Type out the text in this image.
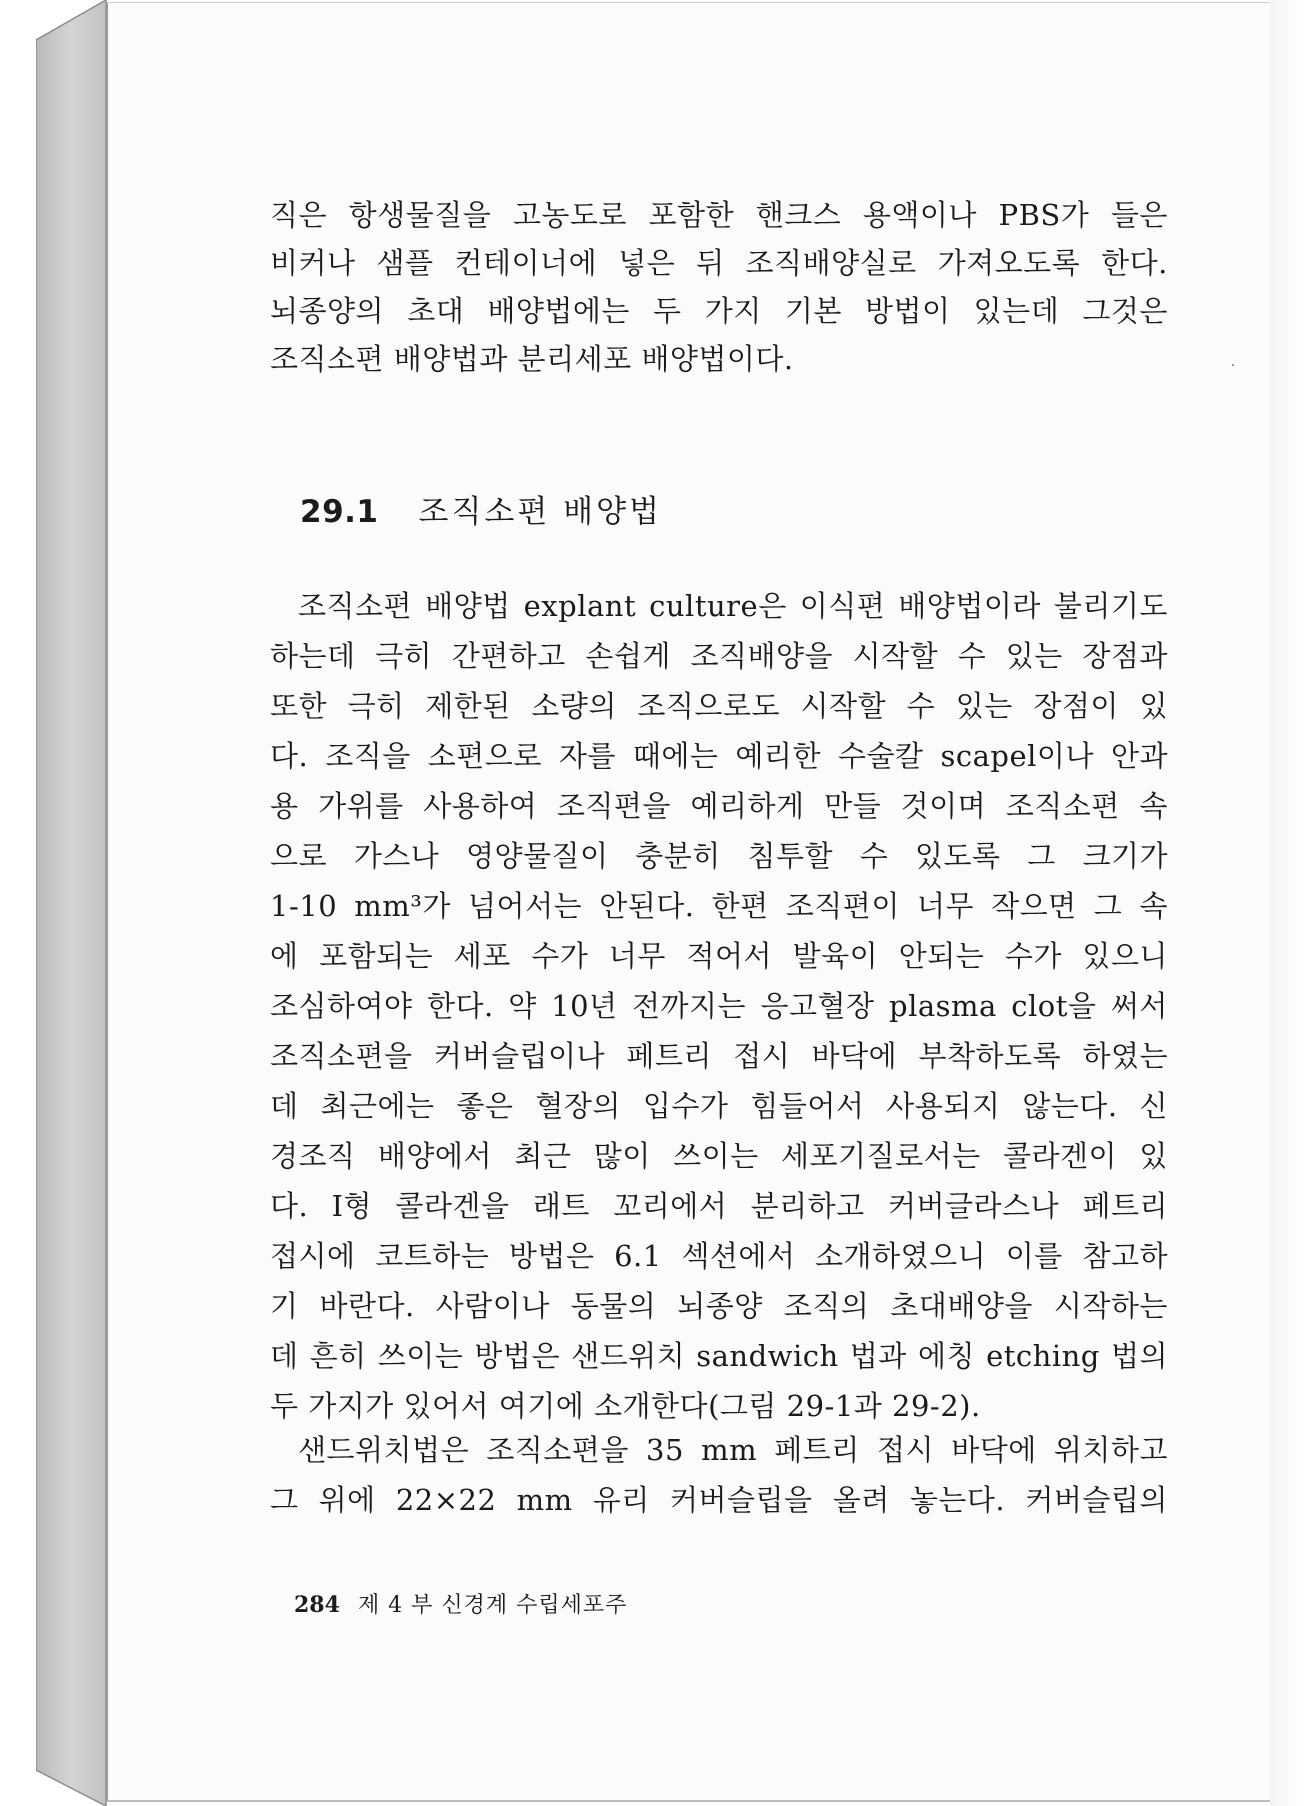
직은 항생물질을 고농도로 포함한 핸크스 용액이나 PBS가 들은
비커나 샘플 컨테이너에 넣은 뒤 조직배양실로 가져오도록 한다.
뇌종양의 초대 배양법에는 두 가지 기본 방법이 있는데 그것은
조직소편 배양법과 분리세포 배양법이다.
29.1 조직소편 배양법
조직소편 배양법 explant culture은 이식편 배양법이라 불리기도
하는데 극히 간편하고 손쉽게 조직배양을 시작할 수 있는 장점과
또한 극히 제한된 소량의 조직으로도 시작할 수 있는 장점이 있
다. 조직을 소편으로 자를 때에는 예리한 수술칼 scapel이나 안과
용 가위를 사용하여 조직편을 예리하게 만들 것이며 조직소편 속
으로 가스나 영양물질이 충분히 침투할 수 있도록 그 크기가
1-10 mm³가 넘어서는 안된다. 한편 조직편이 너무 작으면 그 속
에 포함되는 세포 수가 너무 적어서 발육이 안되는 수가 있으니
조심하여야 한다. 약 10년 전까지는 응고혈장 plasma clot을 써서
조직소편을 커버슬립이나 페트리 접시 바닥에 부착하도록 하였는
데 최근에는 좋은 혈장의 입수가 힘들어서 사용되지 않는다. 신
경조직 배양에서 최근 많이 쓰이는 세포기질로서는 콜라겐이 있
다. Ⅰ형 콜라겐을 래트 꼬리에서 분리하고 커버글라스나 페트리
접시에 코트하는 방법은 6.1 섹션에서 소개하였으니 이를 참고하
기 바란다. 사람이나 동물의 뇌종양 조직의 초대배양을 시작하는
데 흔히 쓰이는 방법은 샌드위치 sandwich 법과 에칭 etching 법의
두 가지가 있어서 여기에 소개한다(그림 29-1과 29-2).
샌드위치법은 조직소편을 35 mm 페트리 접시 바닥에 위치하고
그 위에 22×22 mm 유리 커버슬립을 올려 놓는다. 커버슬립의
284 제 4 부 신경계 수립세포주
